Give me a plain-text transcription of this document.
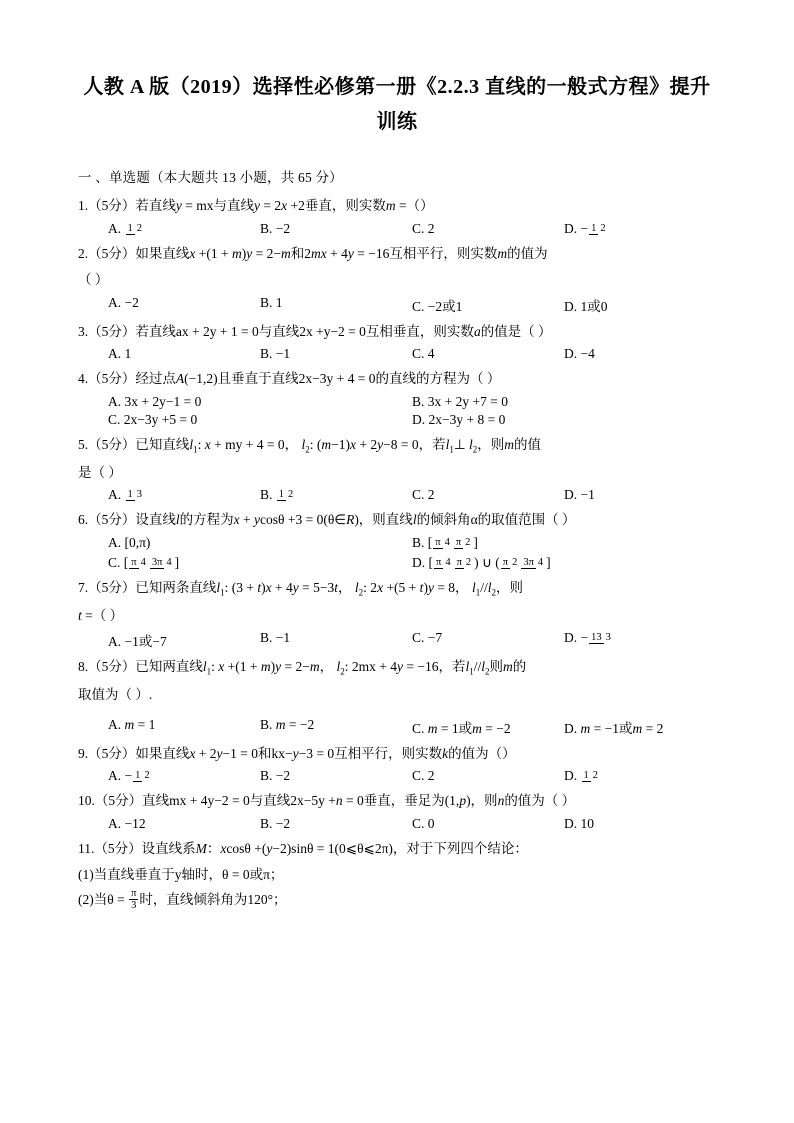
人教 A 版（2019）选择性必修第一册《2.2.3 直线的一般式方程》提升训练
一 、单选题（本大题共 13 小题，共 65 分）
1.（5分）若直线y = mx与直线y = 2x +2垂直，则实数m =（）
A. 1 2	B. −2	C. 2	D. − 1 2
2.（5分）如果直线x +(1 + m)y = 2−m和2mx + 4y = −16互相平行，则实数m的值为
（ ）
A. −2	B. 1	C. −2或1	D. 1或0
3.（5分）若直线ax + 2y + 1 = 0与直线2x +y−2 = 0互相垂直，则实数a的值是（ ）
A. 1	B. −1	C. 4	D. −4
4.（5分）经过点A(−1,2)且垂直于直线2x−3y + 4 = 0的直线的方程为（ ）
A. 3x + 2y−1 = 0	B. 3x + 2y +7 = 0
C. 2x−3y +5 = 0	D. 2x−3y + 8 = 0
5.（5分）已知直线$l_1$: x + my + 4 = 0， $l_2$: (m−1)x + 2y−8 = 0，若$l_1\perp$ $l_2$，则m的值
是（ ）
A. 1 3	B. 1 2	C. 2	D. −1
6.（5分）设直线l的方程为x + ycosθ +3 = 0(θ∈R)，则直线l的倾斜角α的取值范围（ ）
A. [0,π)	B. [ π 4 π 2 ]
C. [ π 4 3π 4 ]	D. [ π 4 π 2 ) ∪ ( π 2 3π 4 ]
7.（5分）已知两条直线$l_1$: (3 + t)x + 4y = 5−3t， $l_2$: 2x +(5 + t)y = 8， $l_1//l_2$，则
t =（ ）
A. −1或−7	B. −1	C. −7	D. − 13 3
8.（5分）已知两直线$l_1$: x +(1 + m)y = 2−m， $l_2$: 2mx + 4y = −16，若$l_1//l_2$则m的
取值为（ ）.
A. m = 1	B. m = −2	C. m = 1或m = −2	D. m = −1或m = 2
9.（5分）如果直线x + 2y−1 = 0和kx−y−3 = 0互相平行，则实数k的值为（）
A. − 1 2	B. −2	C. 2	D. 1 2
10.（5分）直线mx + 4y−2 = 0与直线2x−5y +n = 0垂直，垂足为(1,p)，则n的值为（ ）
A. −12	B. −2	C. 0	D. 10
11.（5分）设直线系M：xcosθ +(y−2)sinθ = 1(0⩽θ⩽2π)，对于下列四个结论：
(1)当直线垂直于y轴时，θ = 0或π；
(2)当$\theta = \frac{\pi}{3}$ 时，直线倾斜角为120°；
